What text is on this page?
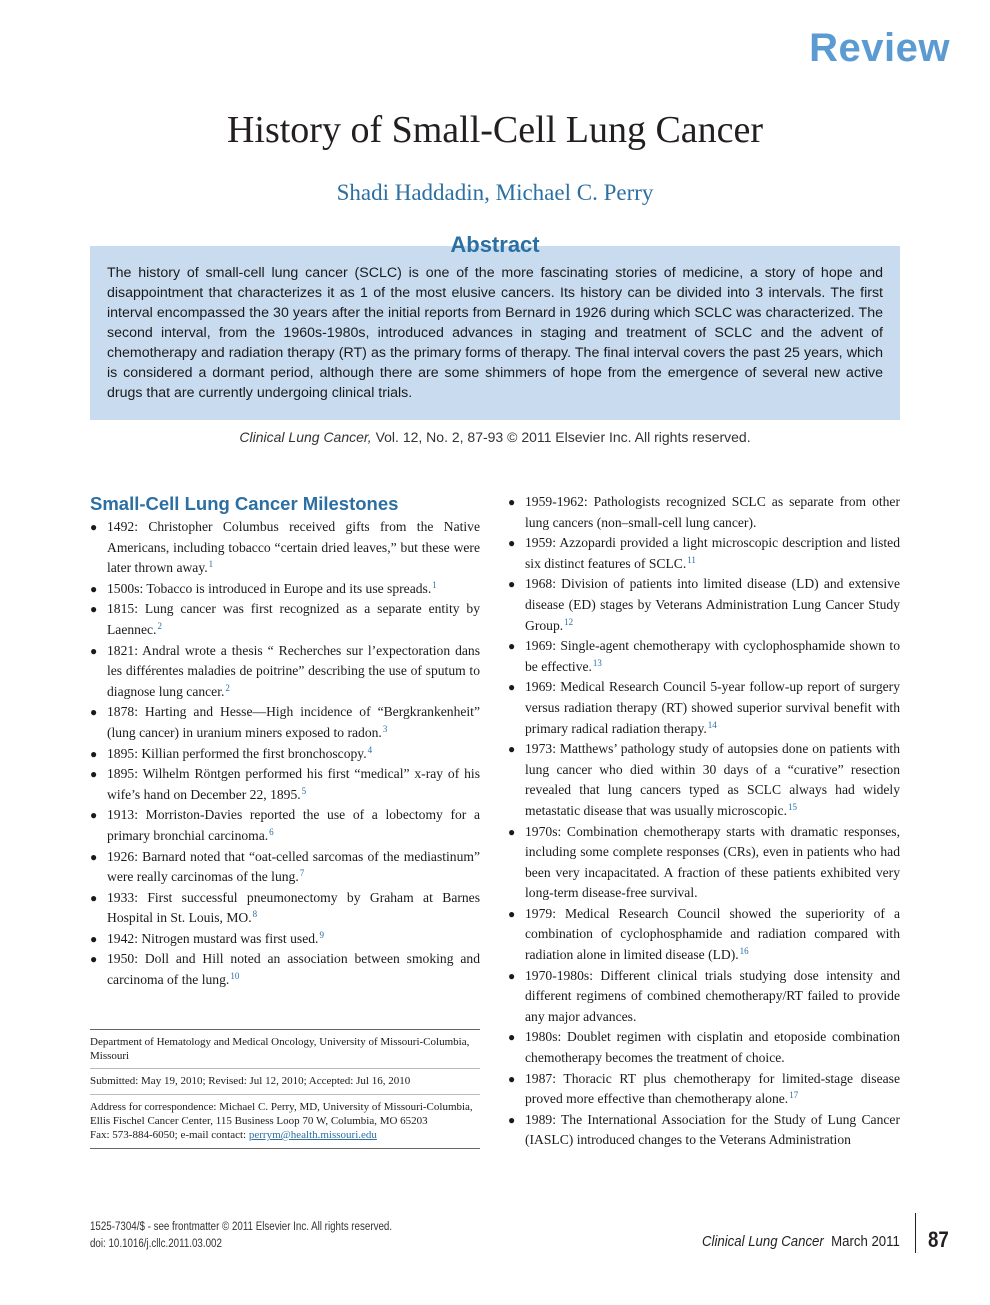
Review
History of Small-Cell Lung Cancer
Shadi Haddadin, Michael C. Perry
Abstract
The history of small-cell lung cancer (SCLC) is one of the more fascinating stories of medicine, a story of hope and disappointment that characterizes it as 1 of the most elusive cancers. Its history can be divided into 3 intervals. The first interval encompassed the 30 years after the initial reports from Bernard in 1926 during which SCLC was characterized. The second interval, from the 1960s-1980s, introduced advances in staging and treatment of SCLC and the advent of chemotherapy and radiation therapy (RT) as the primary forms of therapy. The final interval covers the past 25 years, which is considered a dormant period, although there are some shimmers of hope from the emergence of several new active drugs that are currently undergoing clinical trials.
Clinical Lung Cancer, Vol. 12, No. 2, 87-93 © 2011 Elsevier Inc. All rights reserved.
Small-Cell Lung Cancer Milestones
● 1492: Christopher Columbus received gifts from the Native Americans, including tobacco “certain dried leaves,” but these were later thrown away.$^1$
● 1500s: Tobacco is introduced in Europe and its use spreads.$^1$
● 1815: Lung cancer was first recognized as a separate entity by Laennec.$^2$
● 1821: Andral wrote a thesis “ Recherches sur l’expectoration dans les différentes maladies de poitrine” describing the use of sputum to diagnose lung cancer.$^2$
● 1878: Harting and Hesse—High incidence of “Bergkrankenheit” (lung cancer) in uranium miners exposed to radon.$^3$
● 1895: Killian performed the first bronchoscopy.$^4$
● 1895: Wilhelm Röntgen performed his first “medical” x-ray of his wife’s hand on December 22, 1895.$^5$
● 1913: Morriston-Davies reported the use of a lobectomy for a primary bronchial carcinoma.$^6$
● 1926: Barnard noted that “oat-celled sarcomas of the mediastinum” were really carcinomas of the lung.$^7$
● 1933: First successful pneumonectomy by Graham at Barnes Hospital in St. Louis, MO.$^8$
● 1942: Nitrogen mustard was first used.$^9$
● 1950: Doll and Hill noted an association between smoking and carcinoma of the lung.$^{10}$
● 1959-1962: Pathologists recognized SCLC as separate from other lung cancers (non–small-cell lung cancer).
● 1959: Azzopardi provided a light microscopic description and listed six distinct features of SCLC.$^{11}$
● 1968: Division of patients into limited disease (LD) and extensive disease (ED) stages by Veterans Administration Lung Cancer Study Group.$^{12}$
● 1969: Single-agent chemotherapy with cyclophosphamide shown to be effective.$^{13}$
● 1969: Medical Research Council 5-year follow-up report of surgery versus radiation therapy (RT) showed superior survival benefit with primary radical radiation therapy.$^{14}$
● 1973: Matthews’ pathology study of autopsies done on patients with lung cancer who died within 30 days of a “curative” resection revealed that lung cancers typed as SCLC always had widely metastatic disease that was usually microscopic.$^{15}$
● 1970s: Combination chemotherapy starts with dramatic responses, including some complete responses (CRs), even in patients who had been very incapacitated. A fraction of these patients exhibited very long-term disease-free survival.
● 1979: Medical Research Council showed the superiority of a combination of cyclophosphamide and radiation compared with radiation alone in limited disease (LD).$^{16}$
● 1970-1980s: Different clinical trials studying dose intensity and different regimens of combined chemotherapy/RT failed to provide any major advances.
● 1980s: Doublet regimen with cisplatin and etoposide combination chemotherapy becomes the treatment of choice.
● 1987: Thoracic RT plus chemotherapy for limited-stage disease proved more effective than chemotherapy alone.$^{17}$
● 1989: The International Association for the Study of Lung Cancer (IASLC) introduced changes to the Veterans Administration
Department of Hematology and Medical Oncology, University of Missouri-Columbia, Missouri
Submitted: May 19, 2010; Revised: Jul 12, 2010; Accepted: Jul 16, 2010
Address for correspondence: Michael C. Perry, MD, University of Missouri-Columbia, Ellis Fischel Cancer Center, 115 Business Loop 70 W, Columbia, MO 65203
Fax: 573-884-6050; e-mail contact: perrym@health.missouri.edu
1525-7304/$ - see frontmatter © 2011 Elsevier Inc. All rights reserved.
doi: 10.1016/j.cllc.2011.03.002	Clinical Lung Cancer March 2011 87
